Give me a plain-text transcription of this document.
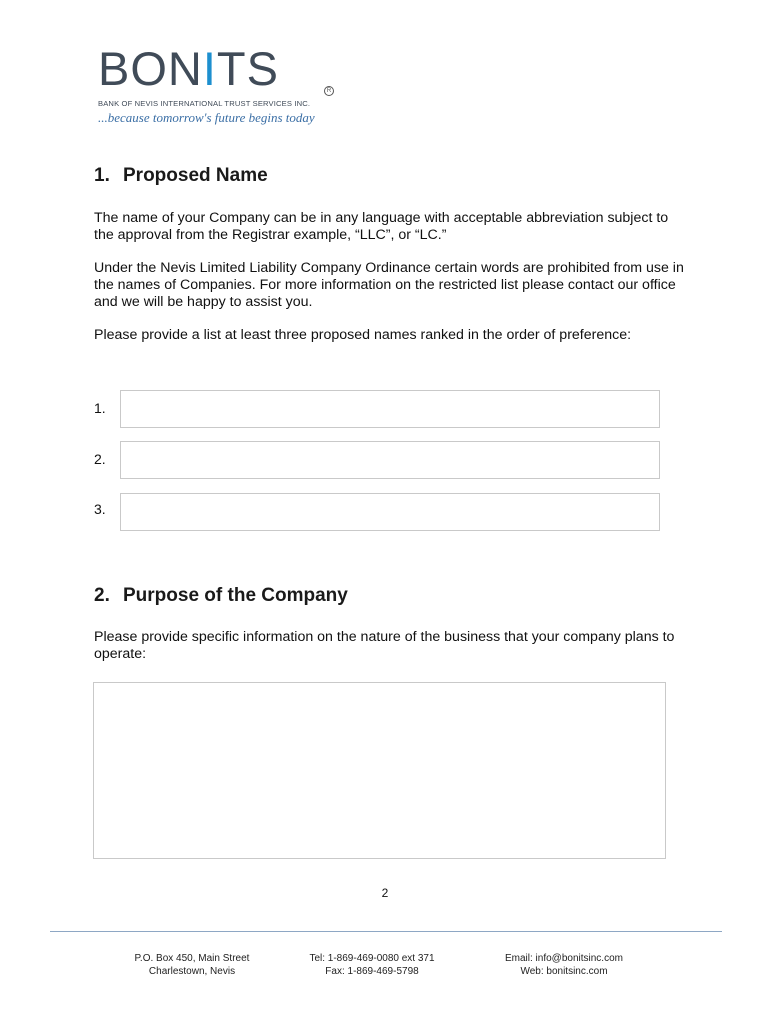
BONITS	R
BANK OF NEVIS INTERNATIONAL TRUST SERVICES INC.
...because tomorrow's future begins today
1. Proposed Name
The name of your Company can be in any language with acceptable abbreviation subject to the approval from the Registrar example, “LLC”, or “LC.”
Under the Nevis Limited Liability Company Ordinance certain words are prohibited from use in the names of Companies. For more information on the restricted list please contact our office and we will be happy to assist you.
Please provide a list at least three proposed names ranked in the order of preference:
1.
2.
3.
2. Purpose of the Company
Please provide specific information on the nature of the business that your company plans to operate:
2
P.O. Box 450, Main Street
Charlestown, Nevis
Tel: 1-869-469-0080 ext 371
Fax: 1-869-469-5798
Email: info@bonitsinc.com
Web: bonitsinc.com
